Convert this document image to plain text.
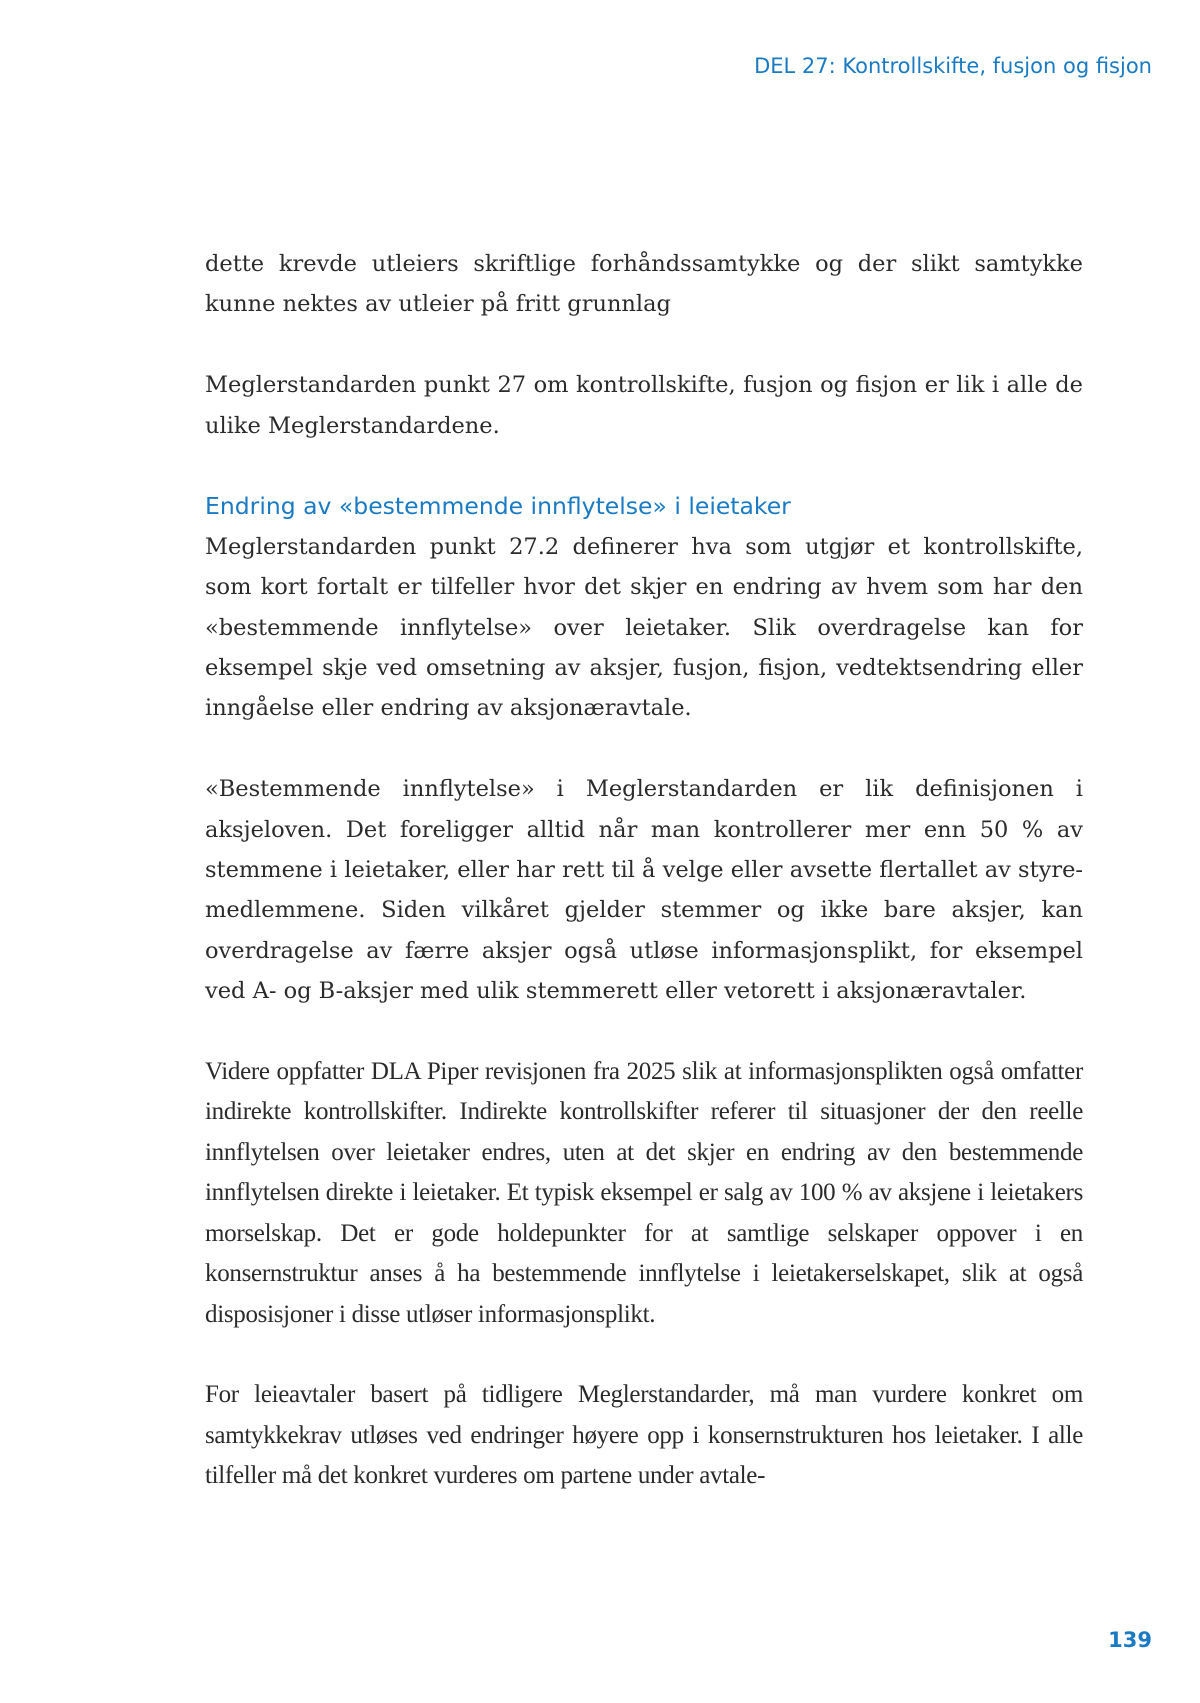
DEL 27: Kontrollskifte, fusjon og fisjon

dette krevde utleiers skriftlige forhåndssamtykke og der slikt samtykke kunne nektes av utleier på fritt grunnlag

Meglerstandarden punkt 27 om kontrollskifte, fusjon og fisjon er lik i alle de ulike Meglerstandardene.

Endring av «bestemmende innflytelse» i leietaker

Meglerstandarden punkt 27.2 definerer hva som utgjør et kontrollskifte, som kort fortalt er tilfeller hvor det skjer en endring av hvem som har den «bestemmende innflytelse» over leietaker. Slik overdragelse kan for eksempel skje ved omsetning av aksjer, fusjon, fisjon, vedtektsendring eller inngåelse eller endring av aksjonæravtale.

«Bestemmende innflytelse» i Meglerstandarden er lik definisjonen i aksjeloven. Det foreligger alltid når man kontrollerer mer enn 50 % av stemmene i leietaker, eller har rett til å velge eller avsette flertallet av styremedlemmene. Siden vilkåret gjelder stemmer og ikke bare aksjer, kan overdragelse av færre aksjer også utløse informasjonsplikt, for eksempel ved A- og B-aksjer med ulik stemmerett eller vetorett i aksjonæravtaler.

Videre oppfatter DLA Piper revisjonen fra 2025 slik at informasjonsplikten også omfatter indirekte kontrollskifter. Indirekte kontrollskifter referer til situasjoner der den reelle innflytelsen over leietaker endres, uten at det skjer en endring av den bestemmende innflytelsen direkte i leietaker. Et typisk eksempel er salg av 100 % av aksjene i leietakers morselskap. Det er gode holdepunkter for at samtlige selskaper oppover i en konsernstruktur anses å ha bestemmende innflytelse i leietakerselskapet, slik at også disposisjoner i disse utløser informasjonsplikt.

For leieavtaler basert på tidligere Meglerstandarder, må man vurdere konkret om samtykkekrav utløses ved endringer høyere opp i konsernstrukturen hos leietaker. I alle tilfeller må det konkret vurderes om partene under avtale-

139
